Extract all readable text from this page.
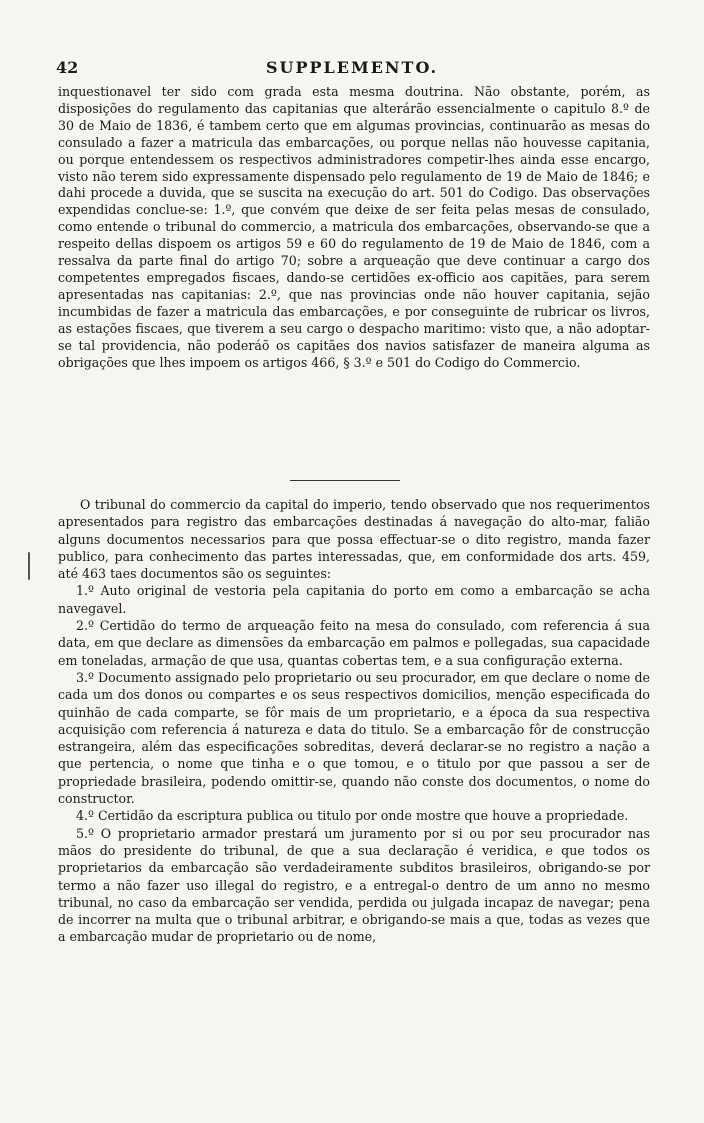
42	SUPPLEMENTO.

inquestionavel ter sido com grada esta mesma doutrina. Não obstante, porém, as disposições do regulamento das capitanias que alterárão essencialmente o capitulo 8.º de 30 de Maio de 1836, é tambem certo que em algumas provincias, continuarão as mesas do consulado a fazer a matricula das embarcações, ou porque nellas não houvesse capitania, ou porque entendessem os respectivos administradores competir-lhes ainda esse encargo, visto não terem sido expressamente dispensado pelo regulamento de 19 de Maio de 1846; e dahi procede a duvida, que se suscita na execução do art. 501 do Codigo. Das observações expendidas conclue-se: 1.º, que convém que deixe de ser feita pelas mesas de consulado, como entende o tribunal do commercio, a matricula dos embarcações, observando-se que a respeito dellas dispoem os artigos 59 e 60 do regulamento de 19 de Maio de 1846, com a ressalva da parte final do artigo 70; sobre a arqueação que deve continuar a cargo dos competentes empregados fiscaes, dando-se certidões ex-officio aos capitães, para serem apresentadas nas capitanias: 2.º, que nas provincias onde não houver capitania, sejão incumbidas de fazer a matricula das embarcações, e por conseguinte de rubricar os livros, as estações fiscaes, que tiverem a seu cargo o despacho maritimo: visto que, a não adoptar-se tal providencia, não poderáõ os capitães dos navios satisfazer de maneira alguma as obrigações que lhes impoem os artigos 466, § 3.º e 501 do Codigo do Commercio.

O tribunal do commercio da capital do imperio, tendo observado que nos requerimentos apresentados para registro das embarcações destinadas á navegação do alto-mar, falião alguns documentos necessarios para que possa effectuar-se o dito registro, manda fazer publico, para conhecimento das partes interessadas, que, em conformidade dos arts. 459, até 463 taes documentos são os seguintes:

1.º Auto original de vestoria pela capitania do porto em como a embarcação se acha navegavel.

2.º Certidão do termo de arqueação feito na mesa do consulado, com referencia á sua data, em que declare as dimensões da embarcação em palmos e pollegadas, sua capacidade em toneladas, armação de que usa, quantas cobertas tem, e a sua configuração externa.

3.º Documento assignado pelo proprietario ou seu procurador, em que declare o nome de cada um dos donos ou compartes e os seus respectivos domicilios, menção especificada do quinhão de cada comparte, se fôr mais de um proprietario, e a época da sua respectiva acquisição com referencia á natureza e data do titulo. Se a embarcação fôr de construcção estrangeira, além das especificações sobreditas, deverá declarar-se no registro a nação a que pertencia, o nome que tinha e o que tomou, e o titulo por que passou a ser de propriedade brasileira, podendo omittir-se, quando não conste dos documentos, o nome do constructor.

4.º Certidão da escriptura publica ou titulo por onde mostre que houve a propriedade.

5.º O proprietario armador prestará um juramento por si ou por seu procurador nas mãos do presidente do tribunal, de que a sua declaração é veridica, e que todos os proprietarios da embarcação são verdadeiramente subditos brasileiros, obrigando-se por termo a não fazer uso illegal do registro, e a entregal-o dentro de um anno no mesmo tribunal, no caso da embarcação ser vendida, perdida ou julgada incapaz de navegar; pena de incorrer na multa que o tribunal arbitrar, e obrigando-se mais a que, todas as vezes que a embarcação mudar de proprietario ou de nome,
